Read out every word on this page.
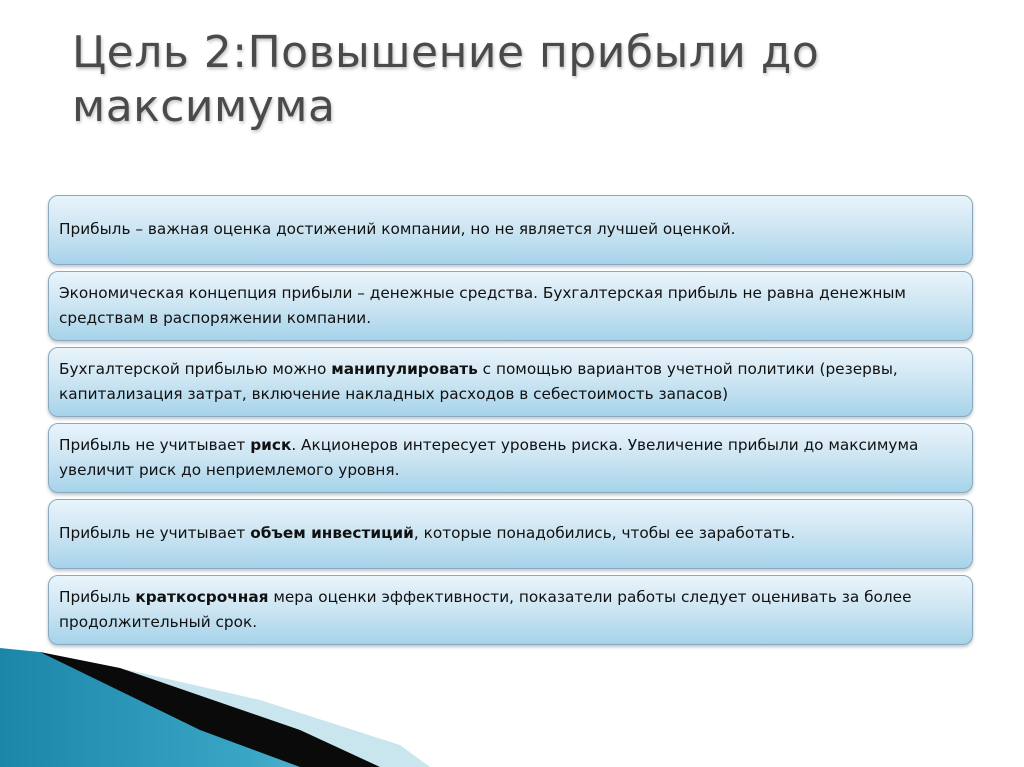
Цель 2:Повышение прибыли до максимума
Прибыль – важная оценка достижений компании, но не является лучшей оценкой.
Экономическая концепция прибыли – денежные средства. Бухгалтерская прибыль не равна денежным средствам в распоряжении компании.
Бухгалтерской прибылью можно манипулировать с помощью вариантов учетной политики (резервы, капитализация затрат, включение накладных расходов в себестоимость запасов)
Прибыль не учитывает риск. Акционеров интересует уровень риска. Увеличение прибыли до максимума увеличит риск до неприемлемого уровня.
Прибыль не учитывает объем инвестиций, которые понадобились, чтобы ее заработать.
Прибыль краткосрочная мера оценки эффективности, показатели работы следует оценивать за более продолжительный срок.
